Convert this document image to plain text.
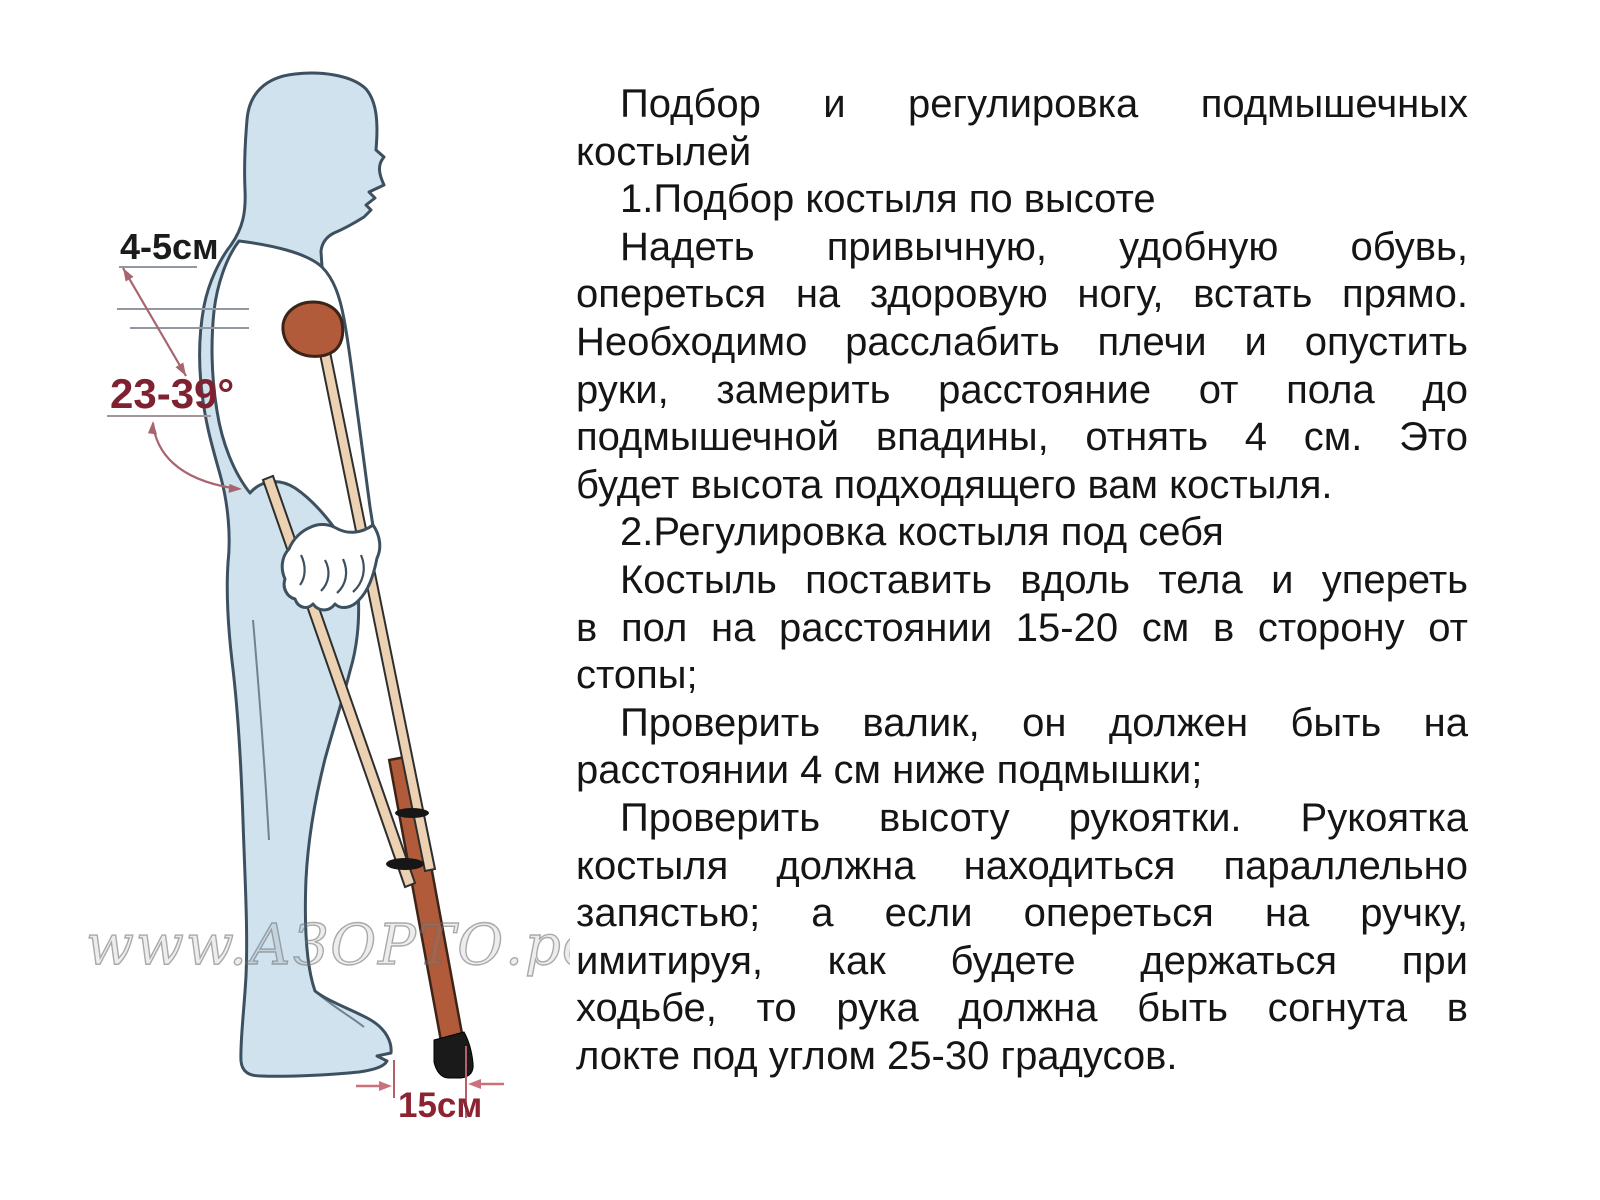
www.АЗОРТО.рф
4-5см
23-39°
15см
Подбор и регулировка подмышечных
костылей
1.Подбор костыля по высоте
Надеть привычную, удобную обувь,
опереться на здоровую ногу, встать прямо.
Необходимо расслабить плечи и опустить
руки, замерить расстояние от пола до
подмышечной впадины, отнять 4 см. Это
будет высота подходящего вам костыля.
2.Регулировка костыля под себя
Костыль поставить вдоль тела и упереть
в пол на расстоянии 15-20 см в сторону от
стопы;
Проверить валик, он должен быть на
расстоянии 4 см ниже подмышки;
Проверить высоту рукоятки. Рукоятка
костыля должна находиться параллельно
запястью; а если опереться на ручку,
имитируя, как будете держаться при
ходьбе, то рука должна быть согнута в
локте под углом 25-30 градусов.
